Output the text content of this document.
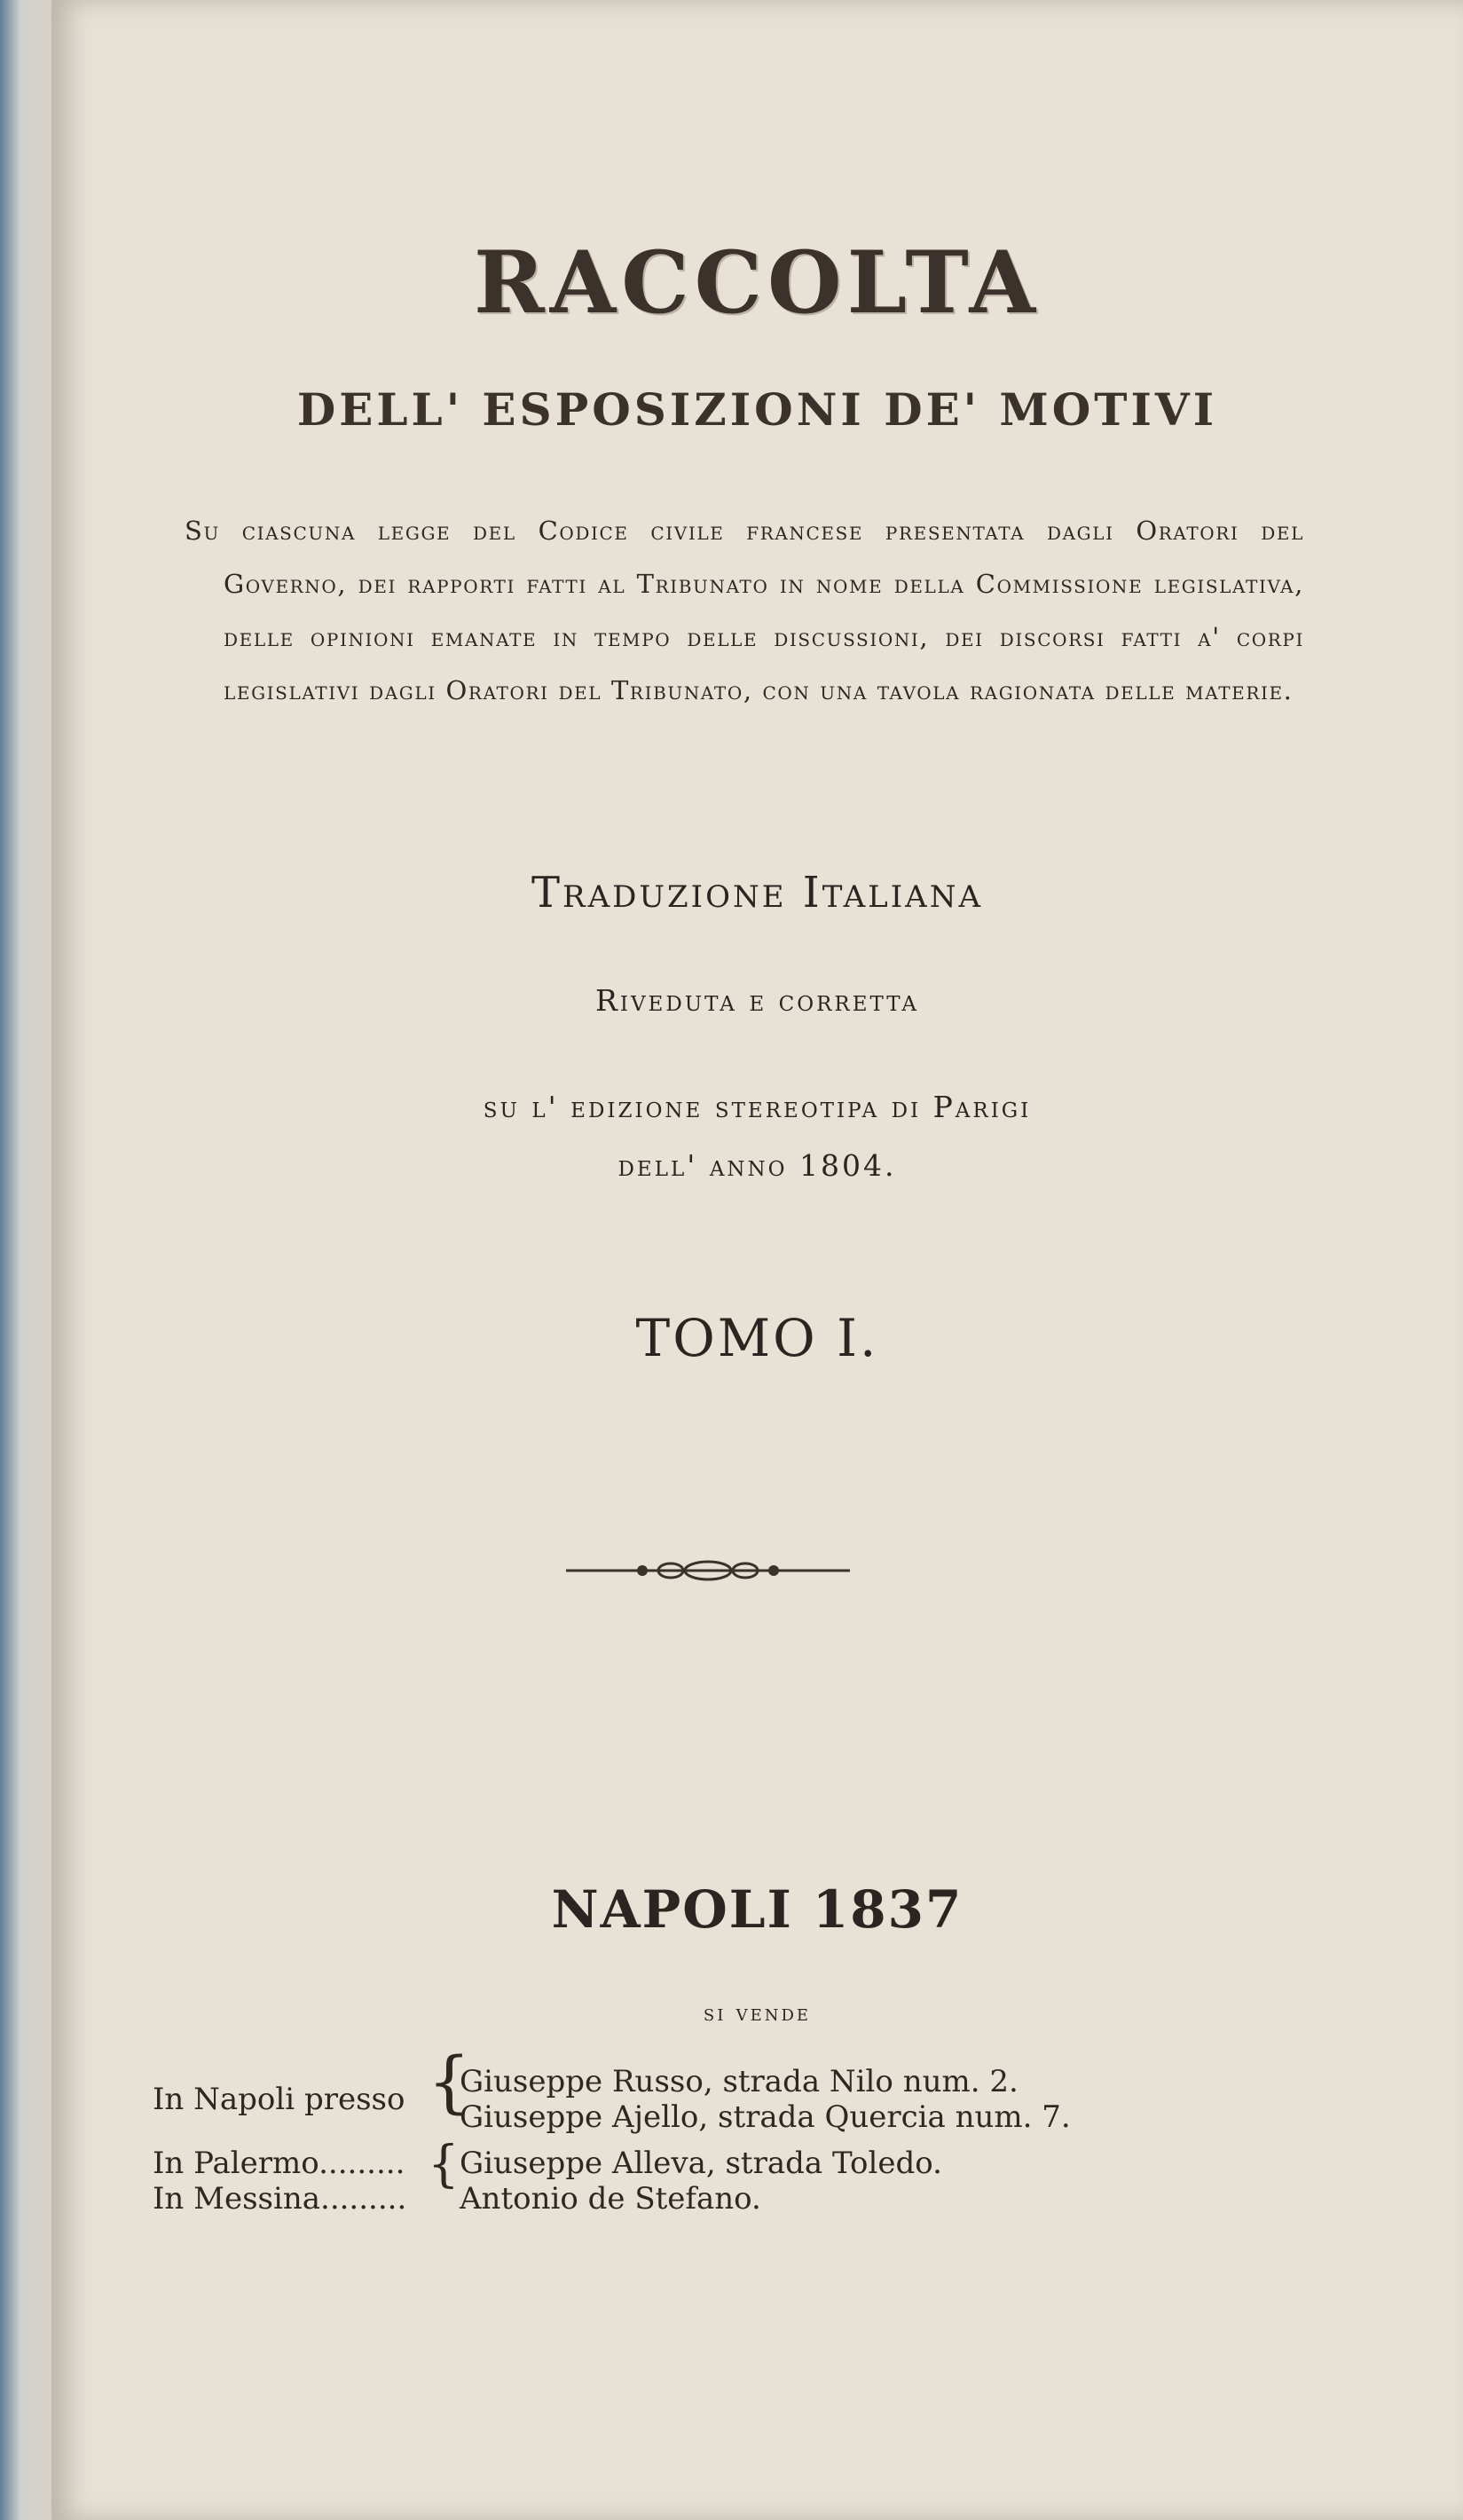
RACCOLTA
DELL' ESPOSIZIONI DE' MOTIVI
Su ciascuna legge del Codice civile francese presentata dagli Oratori del Governo, dei rapporti fatti al Tribunato in nome della Commissione legislativa, delle opinioni emanate in tempo delle discussioni, dei discorsi fatti a' corpi legislativi dagli Oratori del Tribunato, con una tavola ragionata delle materie.
Traduzione Italiana
Riveduta e corretta
su l' edizione stereotipa di Parigi
dell' anno 1804.
TOMO I.
NAPOLI 1837
si vende
In Napoli presso {
Giuseppe Russo, strada Nilo num. 2.
Giuseppe Ajello, strada Quercia num. 7.
In Palermo......... { Giuseppe Alleva, strada Toledo.
In Messina......... Antonio de Stefano.
